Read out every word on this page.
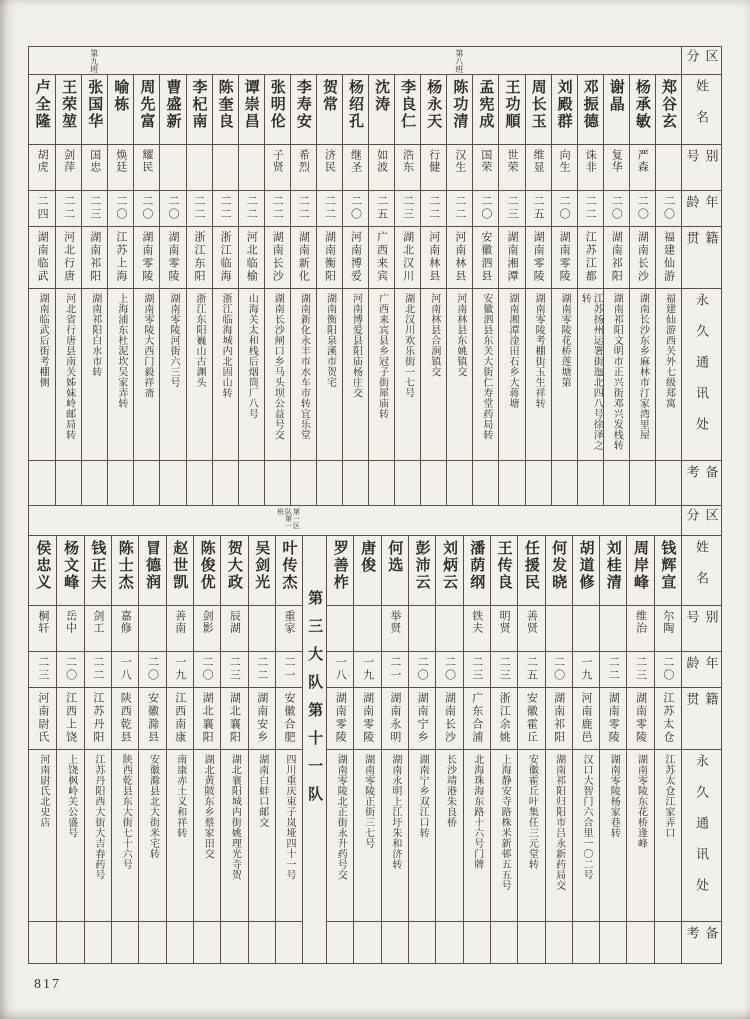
区分
姓名
别号
年龄
籍贯
永久通讯处
备考
郑谷玄
二〇
福建仙游
福建仙游西关外七级郑寓
杨承敏
严森
二〇
湖南长沙
湖南长沙东乡麻林市汀家湾里屋
谢晶
复华
二〇
湖南祁阳
湖南祁阳文明市正兴街邓兴发栈转
邓振德
诛非
二二
江苏江都
江苏扬州运署街迤北四八号徐泽之转
刘殿群
向生
二〇
湖南零陵
湖南零陵花桥莲塘第
周长玉
维显
二五
湖南零陵
湖南零陵考棚街玉生祥转
王功順
世荣
二三
湖南湘潭
湖南湘潭淦田石乡大蒋塘
孟宪成
国荣
二〇
安徽泗县
安徽泗县东关大街仁寿堂药局转
第八班
陈功清
汉生
二二
河南林县
河南林县东姚镇交
杨永天
行健
二二
河南林县
河南林县合涧镇交
李良仁
浩东
二三
湖北汉川
湖北汉川欢乐街一七号
沈涛
如波
二五
广西来宾
广西来宾县乡冠子街犀庙转
杨绍孔
继圣
二〇
河南博爱
河南博爱县阳庙杨庄交
贺常
济民
二二
湖南衡阳
湖南衡阳泉溪市贺宅
李寿安
希烈
二二
湖南新化
湖南新化永丰市水车市转宜乐堂
张明伦
子贤
二二
湖南长沙
湖南长沙闸口乡马头坝公益号交
谭崇昌
二二
河北临榆
山海关太和栈后烟筒厂八号
陈奎良
二二
浙江临海
浙江临海城内北固山转
李杞南
二二
浙江东阳
浙江东阳巍山古渊头
曹盛新
二〇
湖南零陵
湖南零陵河街六三号
周先富
耀民
二〇
湖南零陵
湖南零陵大西门毅祥斋
喻栋
焕廷
二〇
江苏上海
上海浦东杜泥坎吴家弄转
第九班
张国华
国忠
二三
湖南祁阳
湖南祁阳白水市转
王荣堃
剑萍
二二
河北行唐
河北省行唐县南关姊妹岭邮局转
卢全隆
胡虎
二四
湖南临武
湖南临武后街考棚侧
区分
姓名
别号
年龄
籍贯
永久通讯处
备考
钱辉宣
尔陶
二〇
江苏太仓
江苏太仓江家弄口
周岸峰
维治
二三
湖南零陵
湖南零陵东花桥逢峰
刘桂清
二二
湖南零陵
湖南零陵杨家巷转
胡道修
一九
河南鹿邑
汉口大智门六合里一〇二号
何发晓
二〇
湖南祁阳
湖南祁阳归阳市吕永新药局交
任援民
善贤
二五
安徽霍丘
安徽霍丘叶集任三元堂转
王传良
明贤
二三
浙江余姚
上海静安寺路株米新邨五五号
潘荫纲
铁夫
二三
广东合浦
北海珠海东路十六号门牌
刘炳云
二〇
湖南长沙
长沙靖港朱良桥
彭沛云
二〇
湖南宁乡
湖南宁乡双江口转
何选
举贤
二一
湖南永明
湖南永明上江圩朱和济转
唐俊
一九
湖南零陵
湖南零陵正街三七号
罗善柞
一八
湖南零陵
湖南零陵北正街永升药号交
第三大队第十一队
第一区队第一班
叶传杰
重家
二一
安徽合肥
四川重庆束子岚垭四十一号
吴剑光
二二
湖南安乡
湖南白蚌口邮交
贺大政
辰湖
二三
湖北襄阳
湖北襄阳城内街姚理光寺贺
陈俊优
剑影
二〇
湖北襄阳
湖北黄陂东乡蔡家田交
赵世凯
善南
一九
江西南康
南康赤土义和祥转
冒德润
二〇
安徽滁县
安徽滁县北大街米宅转
陈士杰
嘉修
一八
陕西乾县
陕西乾县东大街七十六号
钱正夫
剑工
二二
江苏丹阳
江苏丹阳西大街大吉春药号
杨文峰
岳中
二〇
江西上饶
上饶枫岭关公盛号
侯忠义
桐轩
二三
河南尉氏
河南尉氏北史店
817
